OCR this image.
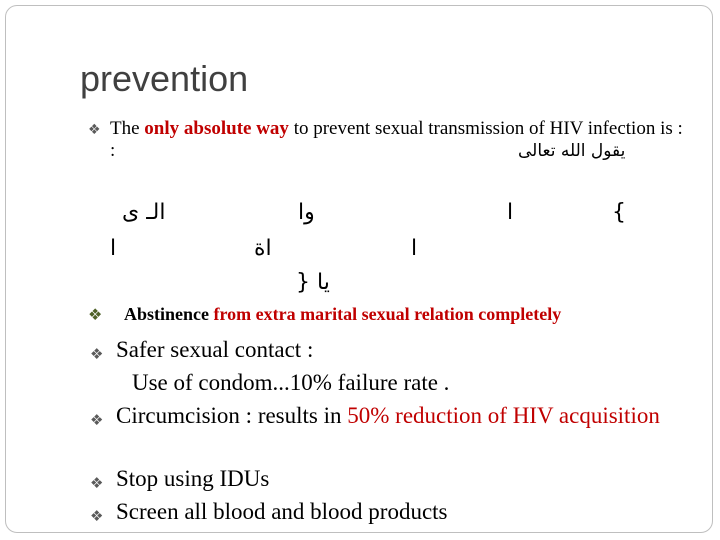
prevention
❖ The only absolute way to prevent sexual transmission of HIV infection is : :	يقول الله تعالى
الـ ى	وا	ا	}
ا	اة	ا
يا {
❖ Abstinence from extra marital sexual relation completely
❖ Safer sexual contact :
Use of condom...10% failure rate .
❖ Circumcision : results in 50% reduction of HIV acquisition
❖ Stop using IDUs
❖ Screen all blood and blood products
